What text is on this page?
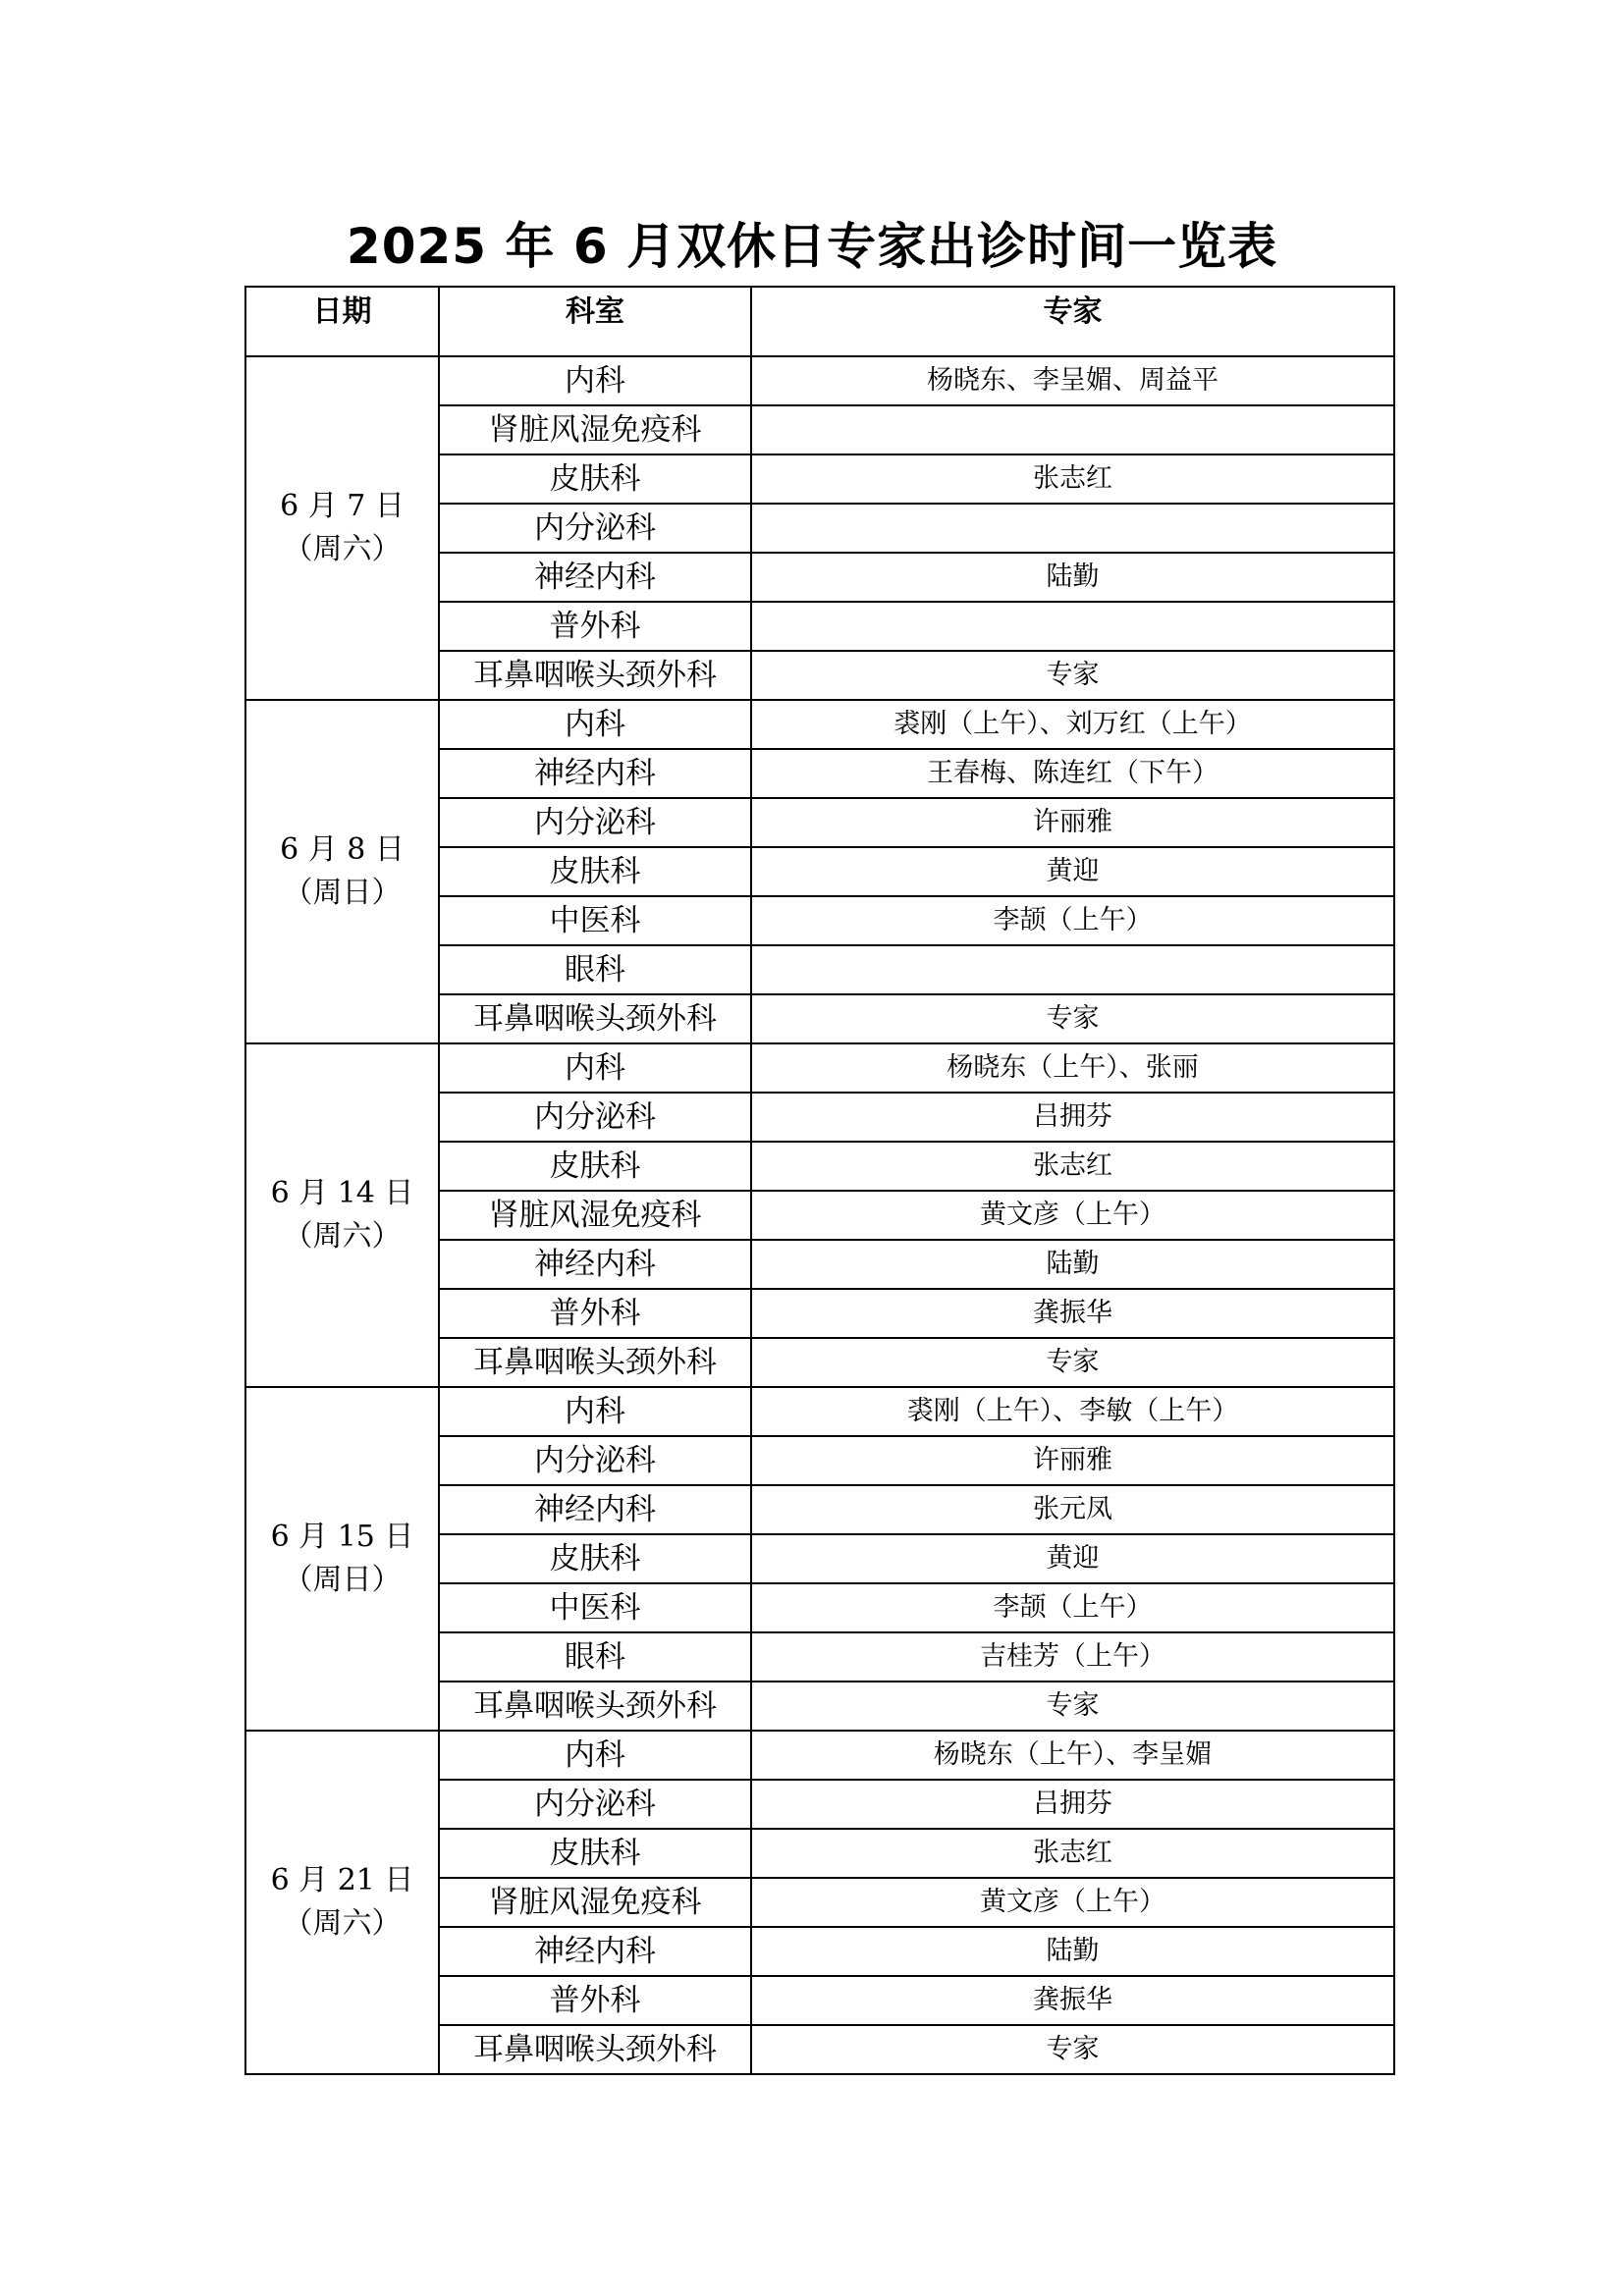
2025 年 6 月双休日专家出诊时间一览表
日期	科室	专家

6 月 7 日
（周六）	内科	杨晓东、李呈媚、周益平
	肾脏风湿免疫科	
	皮肤科	张志红
	内分泌科	
	神经内科	陆勤
	普外科	
	耳鼻咽喉头颈外科	专家

6 月 8 日
（周日）	内科	裘刚（上午）、刘万红（上午）
	神经内科	王春梅、陈连红（下午）
	内分泌科	许丽雅
	皮肤科	黄迎
	中医科	李颉（上午）
	眼科	
	耳鼻咽喉头颈外科	专家

6 月 14 日
（周六）	内科	杨晓东（上午）、张丽
	内分泌科	吕拥芬
	皮肤科	张志红
	肾脏风湿免疫科	黄文彦（上午）
	神经内科	陆勤
	普外科	龚振华
	耳鼻咽喉头颈外科	专家

6 月 15 日
（周日）	内科	裘刚（上午）、李敏（上午）
	内分泌科	许丽雅
	神经内科	张元凤
	皮肤科	黄迎
	中医科	李颉（上午）
	眼科	吉桂芳（上午）
	耳鼻咽喉头颈外科	专家

6 月 21 日
（周六）	内科	杨晓东（上午）、李呈媚
	内分泌科	吕拥芬
	皮肤科	张志红
	肾脏风湿免疫科	黄文彦（上午）
	神经内科	陆勤
	普外科	龚振华
	耳鼻咽喉头颈外科	专家
